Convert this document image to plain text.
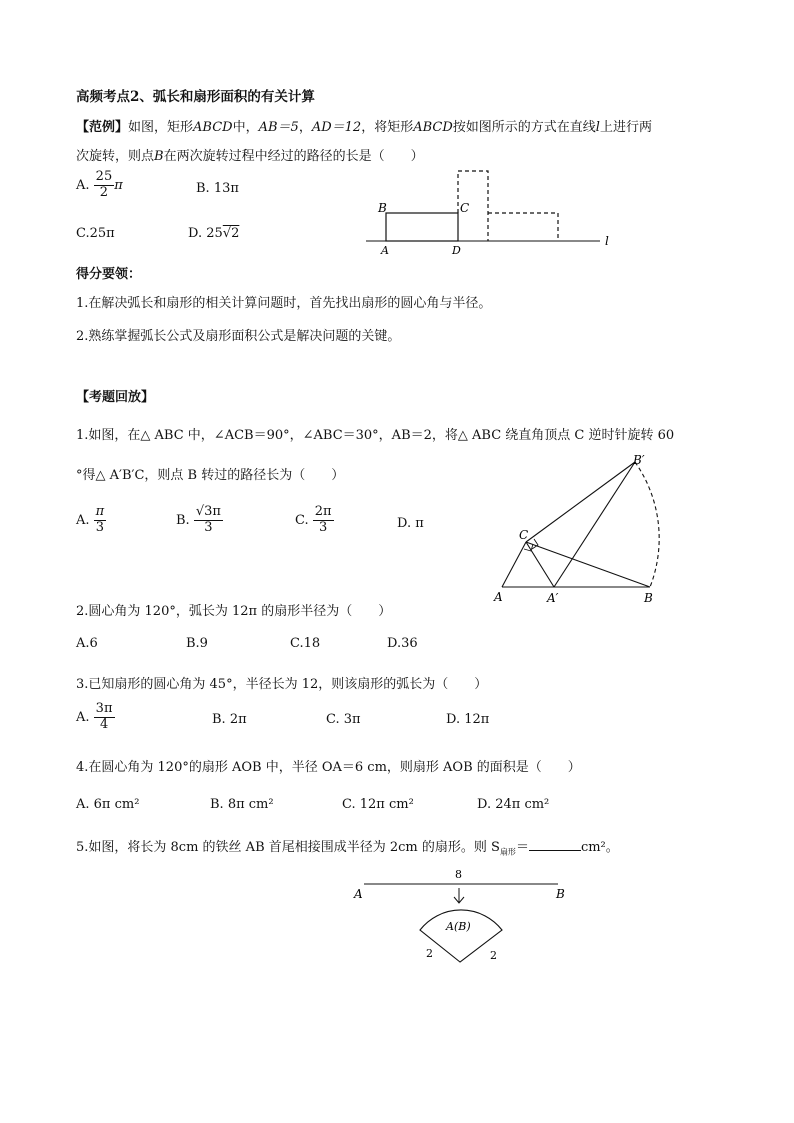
高频考点2、弧长和扇形面积的有关计算
【范例】如图，矩形ABCD中，AB＝5，AD＝12，将矩形ABCD按如图所示的方式在直线l上进行两
次旋转，则点B在两次旋转过程中经过的路径的长是（　　）
A. $\frac{25}{2}$ π	B. 13π
C.25π	D. 25√2
B	C
A	D
l
得分要领：
1.在解决弧长和扇形的相关计算问题时，首先找出扇形的圆心角与半径。
2.熟练掌握弧长公式及扇形面积公式是解决问题的关键。
【考题回放】
1.如图，在△ ABC 中，∠ACB＝90°，∠ABC＝30°，AB＝2，将△ ABC 绕直角顶点 C 逆时针旋转 60
°得△ A′B′C，则点 B 转过的路径长为（　　）
A. $\frac{\pi}{3}$	B. $\frac{√3\pi}{3}$	C. $\frac{2\pi}{3}$	D. π
A	A′	B
B′
C
2.圆心角为 120°，弧长为 12π 的扇形半径为（　　）
A.6	B.9	C.18	D.36
3.已知扇形的圆心角为 45°，半径长为 12，则该扇形的弧长为（　　）
A. $\frac{3\pi}{4}$	B. 2π	C. 3π	D. 12π
4.在圆心角为 120°的扇形 AOB 中，半径 OA＝6 cm，则扇形 AOB 的面积是（　　）
A. 6π cm²	B. 8π cm²	C. 12π cm²	D. 24π cm²
5.如图，将长为 8cm 的铁丝 AB 首尾相接围成半径为 2cm 的扇形。则 $S_{扇形}=$	cm²。
8
A	B
A(B)
2	2
